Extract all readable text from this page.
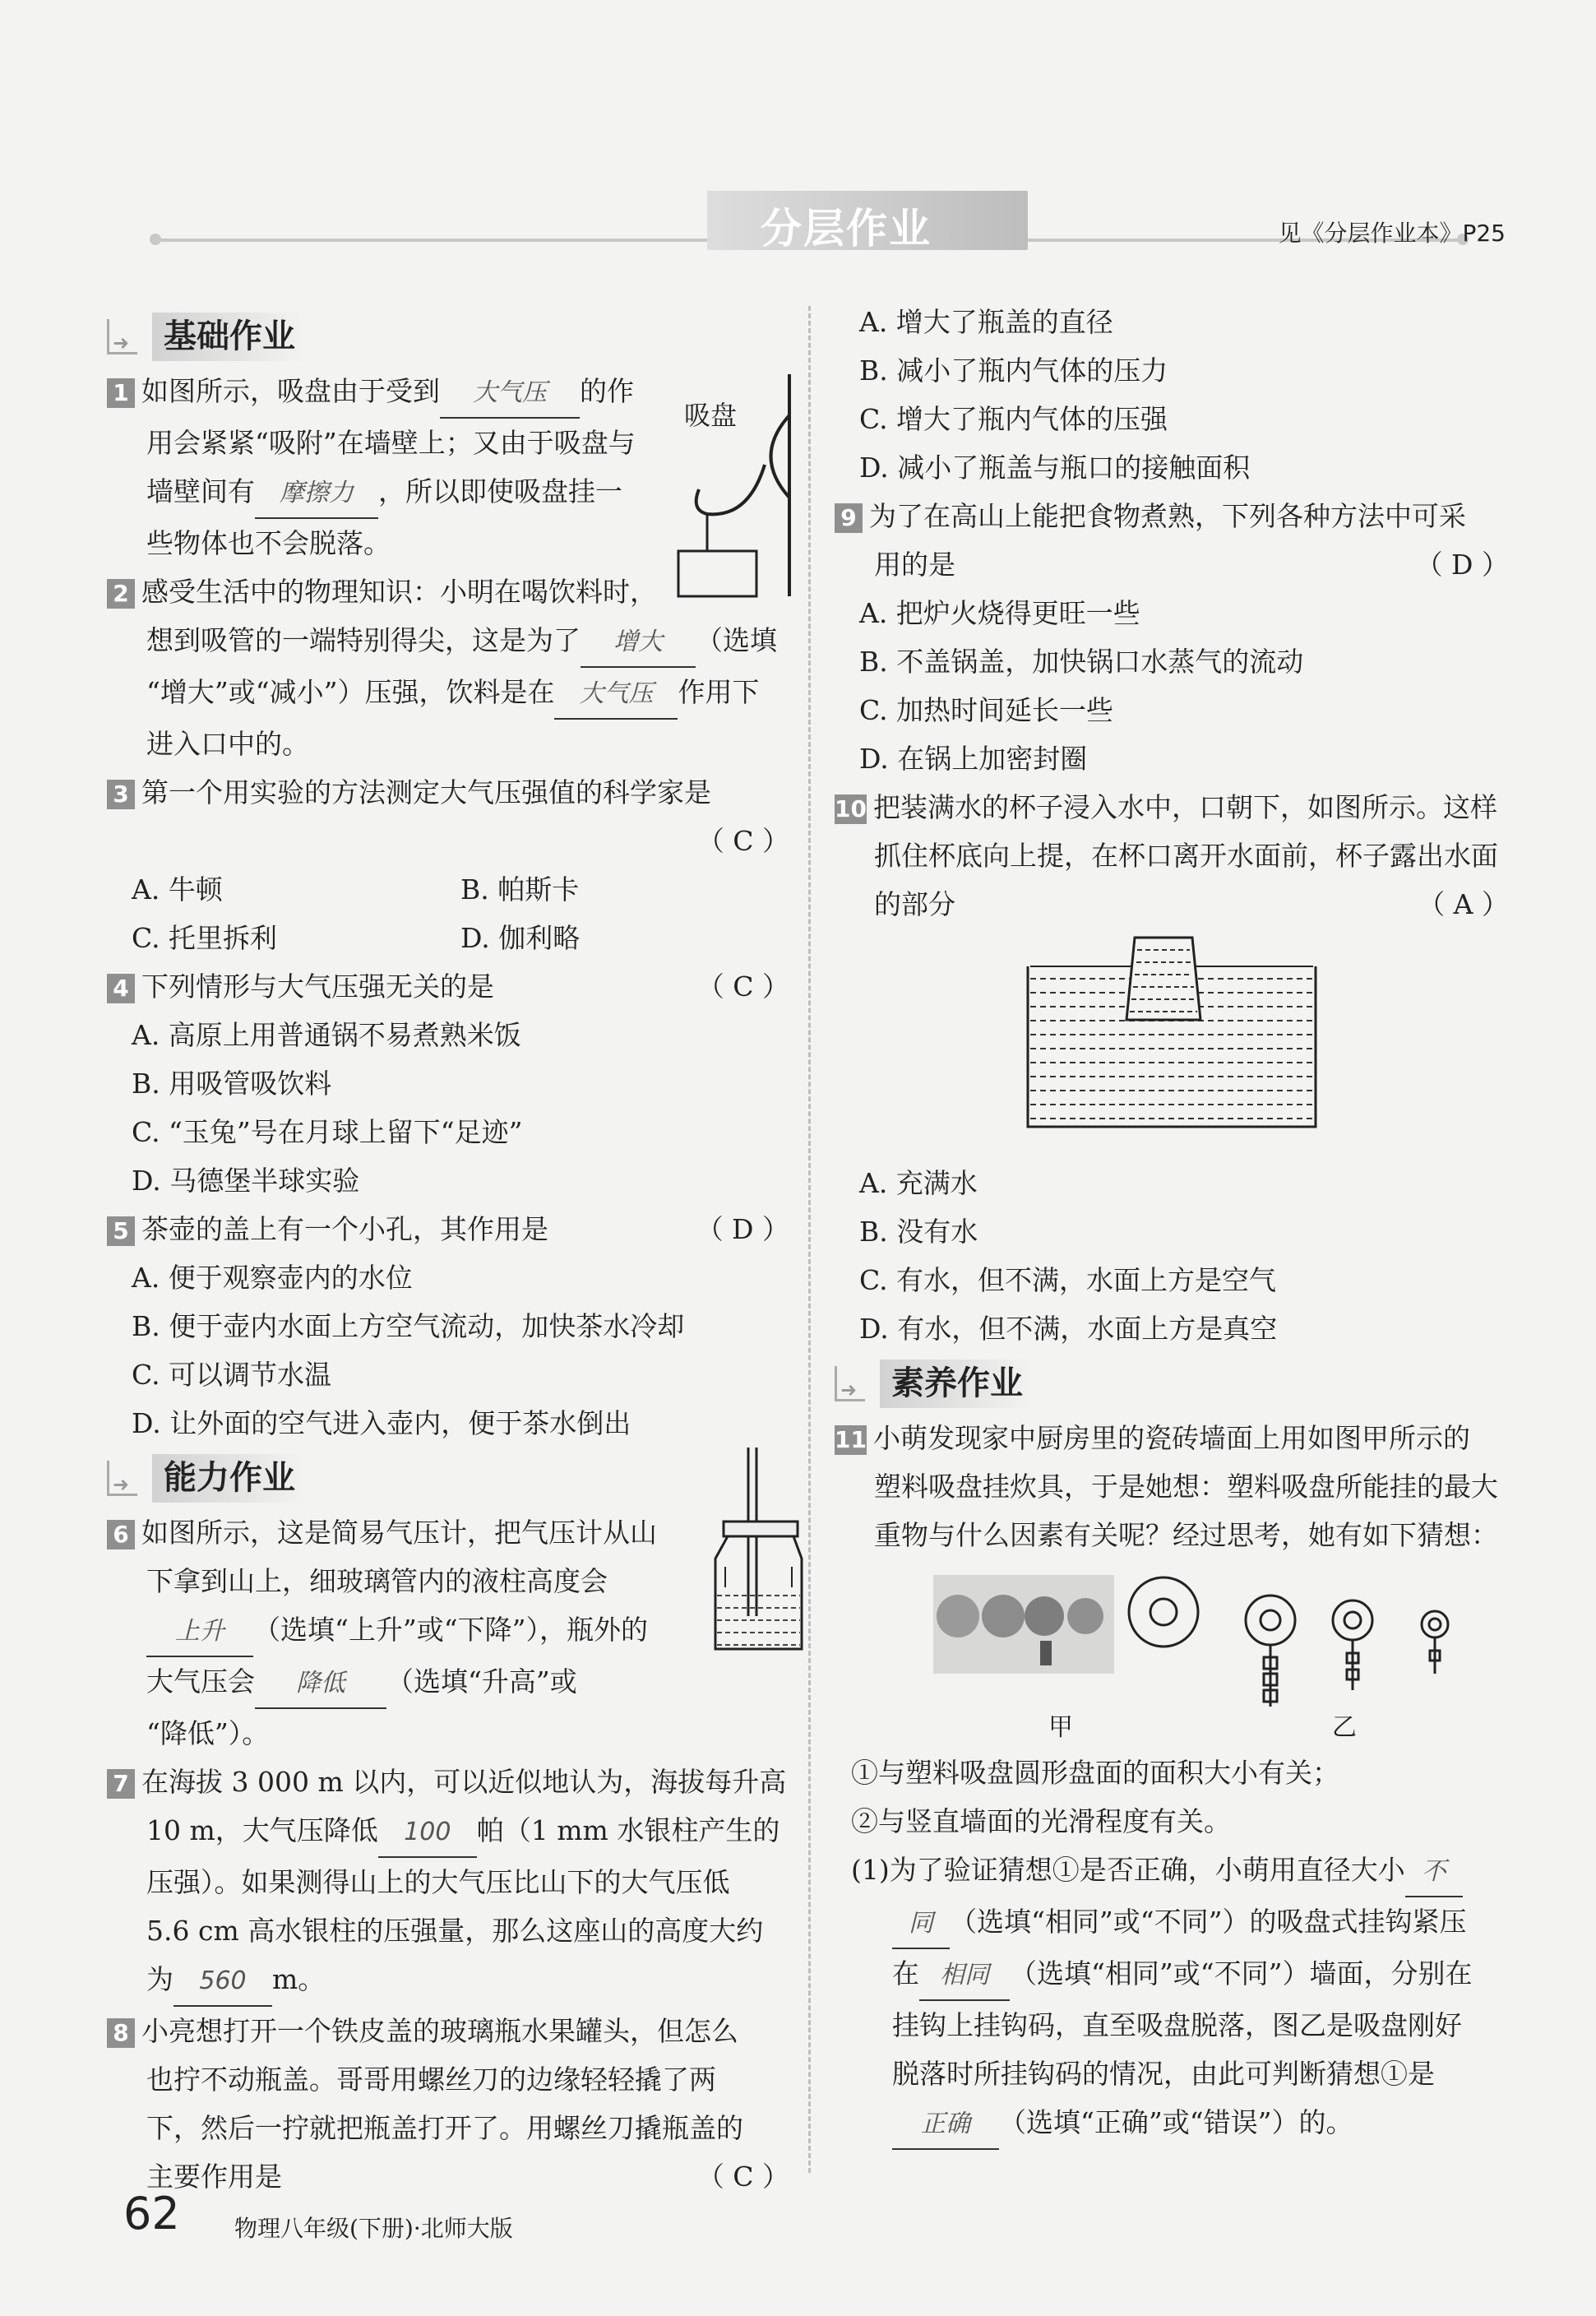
分层作业	见《分层作业本》P25
➜
基础作业
1 如图所示，吸盘由于受到 大气压 的作
用会紧紧“吸附”在墙壁上；又由于吸盘与
墙壁间有 摩擦力 ，所以即使吸盘挂一
些物体也不会脱落。
2 感受生活中的物理知识：小明在喝饮料时，
想到吸管的一端特别得尖，这是为了 增大 （选填
“增大”或“减小”）压强，饮料是在 大气压 作用下
进入口中的。
3 第一个用实验的方法测定大气压强值的科学家是
（ C ）
A. 牛顿	B. 帕斯卡
C. 托里拆利	D. 伽利略
4 下列情形与大气压强无关的是	（ C ）
A. 高原上用普通锅不易煮熟米饭
B. 用吸管吸饮料
C. “玉兔”号在月球上留下“足迹”
D. 马德堡半球实验
5 茶壶的盖上有一个小孔，其作用是	（ D ）
A. 便于观察壶内的水位
B. 便于壶内水面上方空气流动，加快茶水冷却
C. 可以调节水温
D. 让外面的空气进入壶内，便于茶水倒出
➜
能力作业
6 如图所示，这是简易气压计，把气压计从山
下拿到山上，细玻璃管内的液柱高度会
上升 （选填“上升”或“下降”），瓶外的
大气压会 降低 （选填“升高”或
“降低”）。
7 在海拔 3 000 m 以内，可以近似地认为，海拔每升高
10 m，大气压降低 100 帕（1 mm 水银柱产生的
压强）。如果测得山上的大气压比山下的大气压低
5.6 cm 高水银柱的压强量，那么这座山的高度大约
为 560 m。
8 小亮想打开一个铁皮盖的玻璃瓶水果罐头，但怎么
也拧不动瓶盖。哥哥用螺丝刀的边缘轻轻撬了两
下，然后一拧就把瓶盖打开了。用螺丝刀撬瓶盖的
主要作用是	（ C ）
吸盘
A. 增大了瓶盖的直径
B. 减小了瓶内气体的压力
C. 增大了瓶内气体的压强
D. 减小了瓶盖与瓶口的接触面积
9 为了在高山上能把食物煮熟，下列各种方法中可采
用的是	（ D ）
A. 把炉火烧得更旺一些
B. 不盖锅盖，加快锅口水蒸气的流动
C. 加热时间延长一些
D. 在锅上加密封圈
10 把装满水的杯子浸入水中，口朝下，如图所示。这样
抓住杯底向上提，在杯口离开水面前，杯子露出水面
的部分	（ A ）
A. 充满水
B. 没有水
C. 有水，但不满，水面上方是空气
D. 有水，但不满，水面上方是真空
➜
素养作业
11 小萌发现家中厨房里的瓷砖墙面上用如图甲所示的
塑料吸盘挂炊具，于是她想：塑料吸盘所能挂的最大
重物与什么因素有关呢？经过思考，她有如下猜想：
①与塑料吸盘圆形盘面的面积大小有关；
②与竖直墙面的光滑程度有关。
(1)为了验证猜想①是否正确，小萌用直径大小 不
同 （选填“相同”或“不同”）的吸盘式挂钩紧压
在 相同 （选填“相同”或“不同”）墙面，分别在
挂钩上挂钩码，直至吸盘脱落，图乙是吸盘刚好
脱落时所挂钩码的情况，由此可判断猜想①是
正确 （选填“正确”或“错误”）的。
甲	乙
62 物理八年级(下册)·北师大版
